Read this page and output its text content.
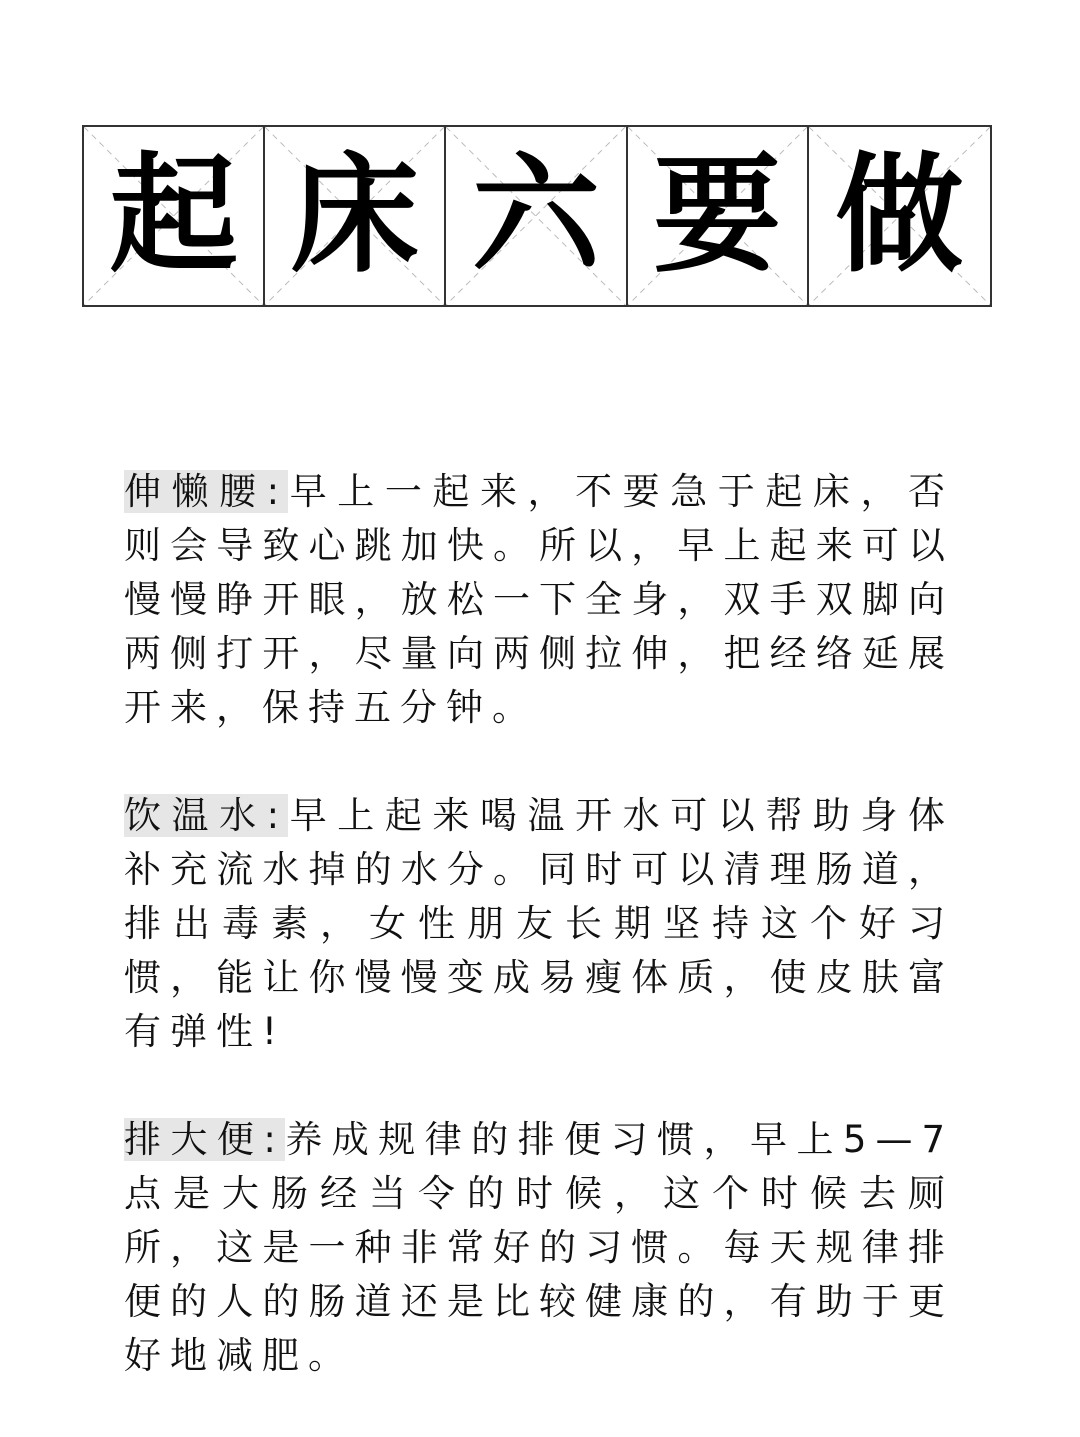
起 床 六 要 做

伸懒腰:早上一起来，不要急于起床，否则会导致心跳加快。所以，早上起来可以慢慢睁开眼，放松一下全身，双手双脚向两侧打开，尽量向两侧拉伸，把经络延展开来，保持五分钟。

饮温水:早上起来喝温开水可以帮助身体补充流水掉的水分。同时可以清理肠道，排出毒素，女性朋友长期坚持这个好习惯，能让你慢慢变成易瘦体质，使皮肤富有弹性!

排大便:养成规律的排便习惯，早上5—7点是大肠经当令的时候，这个时候去厕所，这是一种非常好的习惯。每天规律排便的人的肠道还是比较健康的，有助于更好地减肥。
